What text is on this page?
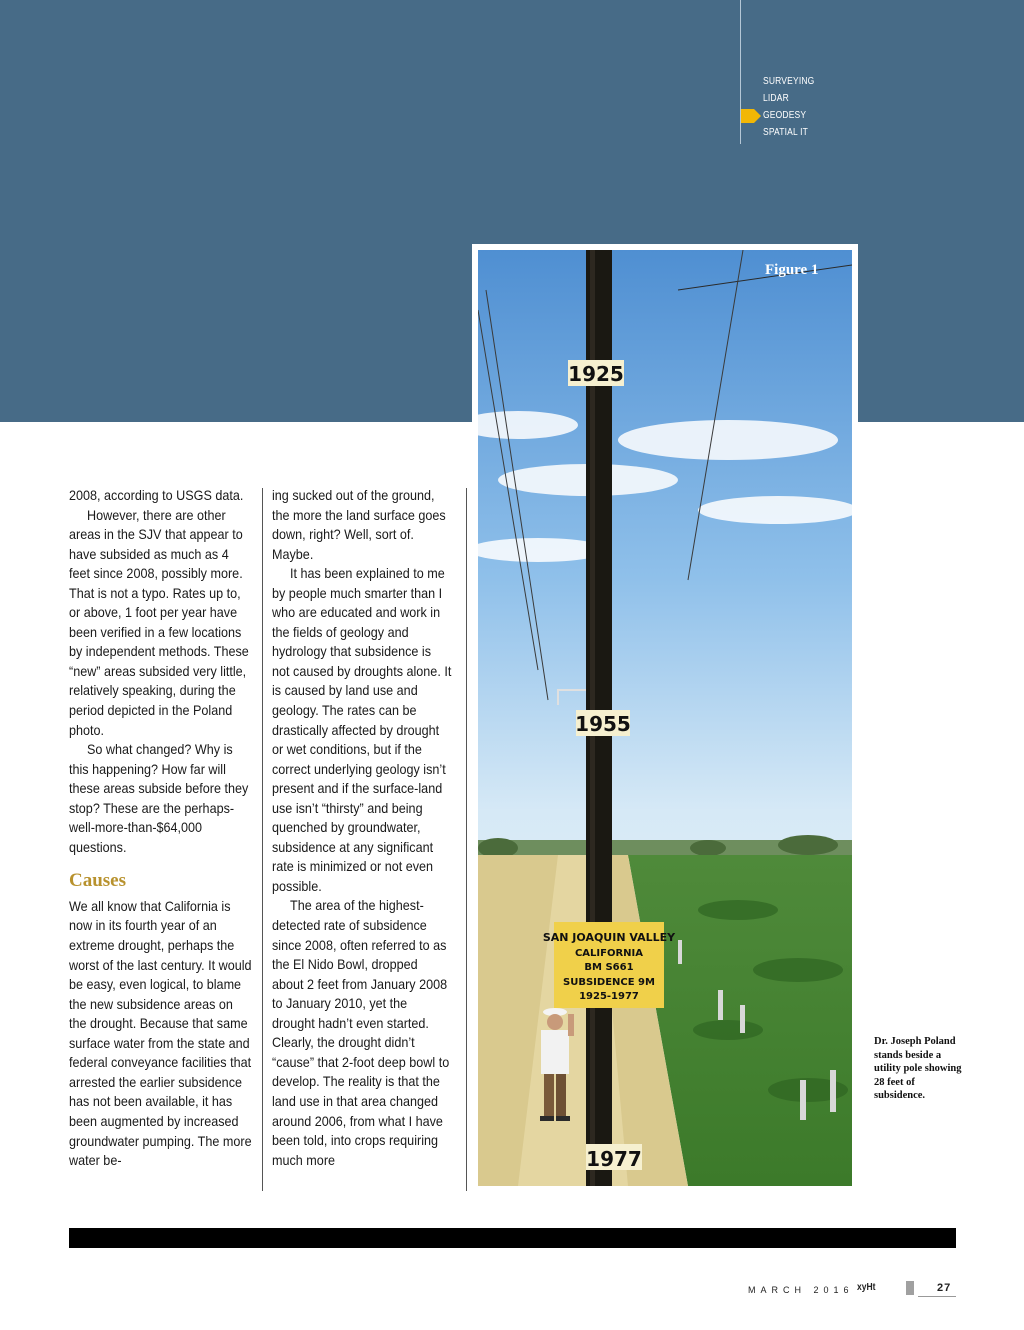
SURVEYING
LIDAR
GEODESY
SPATIAL IT
1925
1955
SAN JOAQUIN VALLEY
CALIFORNIA
BM S661
SUBSIDENCE 9M
1925-1977
1977
Figure 1

2008, according to USGS data.

However, there are other areas in the SJV that appear to have subsided as much as 4 feet since 2008, possibly more. That is not a typo. Rates up to, or above, 1 foot per year have been verified in a few locations by independent methods. These “new” areas subsided very little, relatively speaking, during the period depicted in the Poland photo.

So what changed? Why is this happening? How far will these areas subside before they stop? These are the perhaps-well-more-than-$64,000 questions.

Causes

We all know that California is now in its fourth year of an extreme drought, perhaps the worst of the last century. It would be easy, even logical, to blame the new subsidence areas on the drought. Because that same surface water from the state and federal conveyance facilities that arrested the earlier subsidence has not been available, it has been augmented by increased groundwater pumping. The more water be-

ing sucked out of the ground, the more the land surface goes down, right? Well, sort of. Maybe.

It has been explained to me by people much smarter than I who are educated and work in the fields of geology and hydrology that subsidence is not caused by droughts alone. It is caused by land use and geology. The rates can be drastically affected by drought or wet conditions, but if the correct underlying geology isn’t present and if the surface-land use isn’t “thirsty” and being quenched by groundwater, subsidence at any significant rate is minimized or not even possible.

The area of the highest-detected rate of subsidence since 2008, often referred to as the El Nido Bowl, dropped about 2 feet from January 2008 to January 2010, yet the drought hadn’t even started. Clearly, the drought didn’t “cause” that 2-foot deep bowl to develop. The reality is that the land use in that area changed around 2006, from what I have been told, into crops requiring much more

Dr. Joseph Poland stands beside a utility pole showing 28 feet of subsidence.
MARCH 2016 xyHt	27
